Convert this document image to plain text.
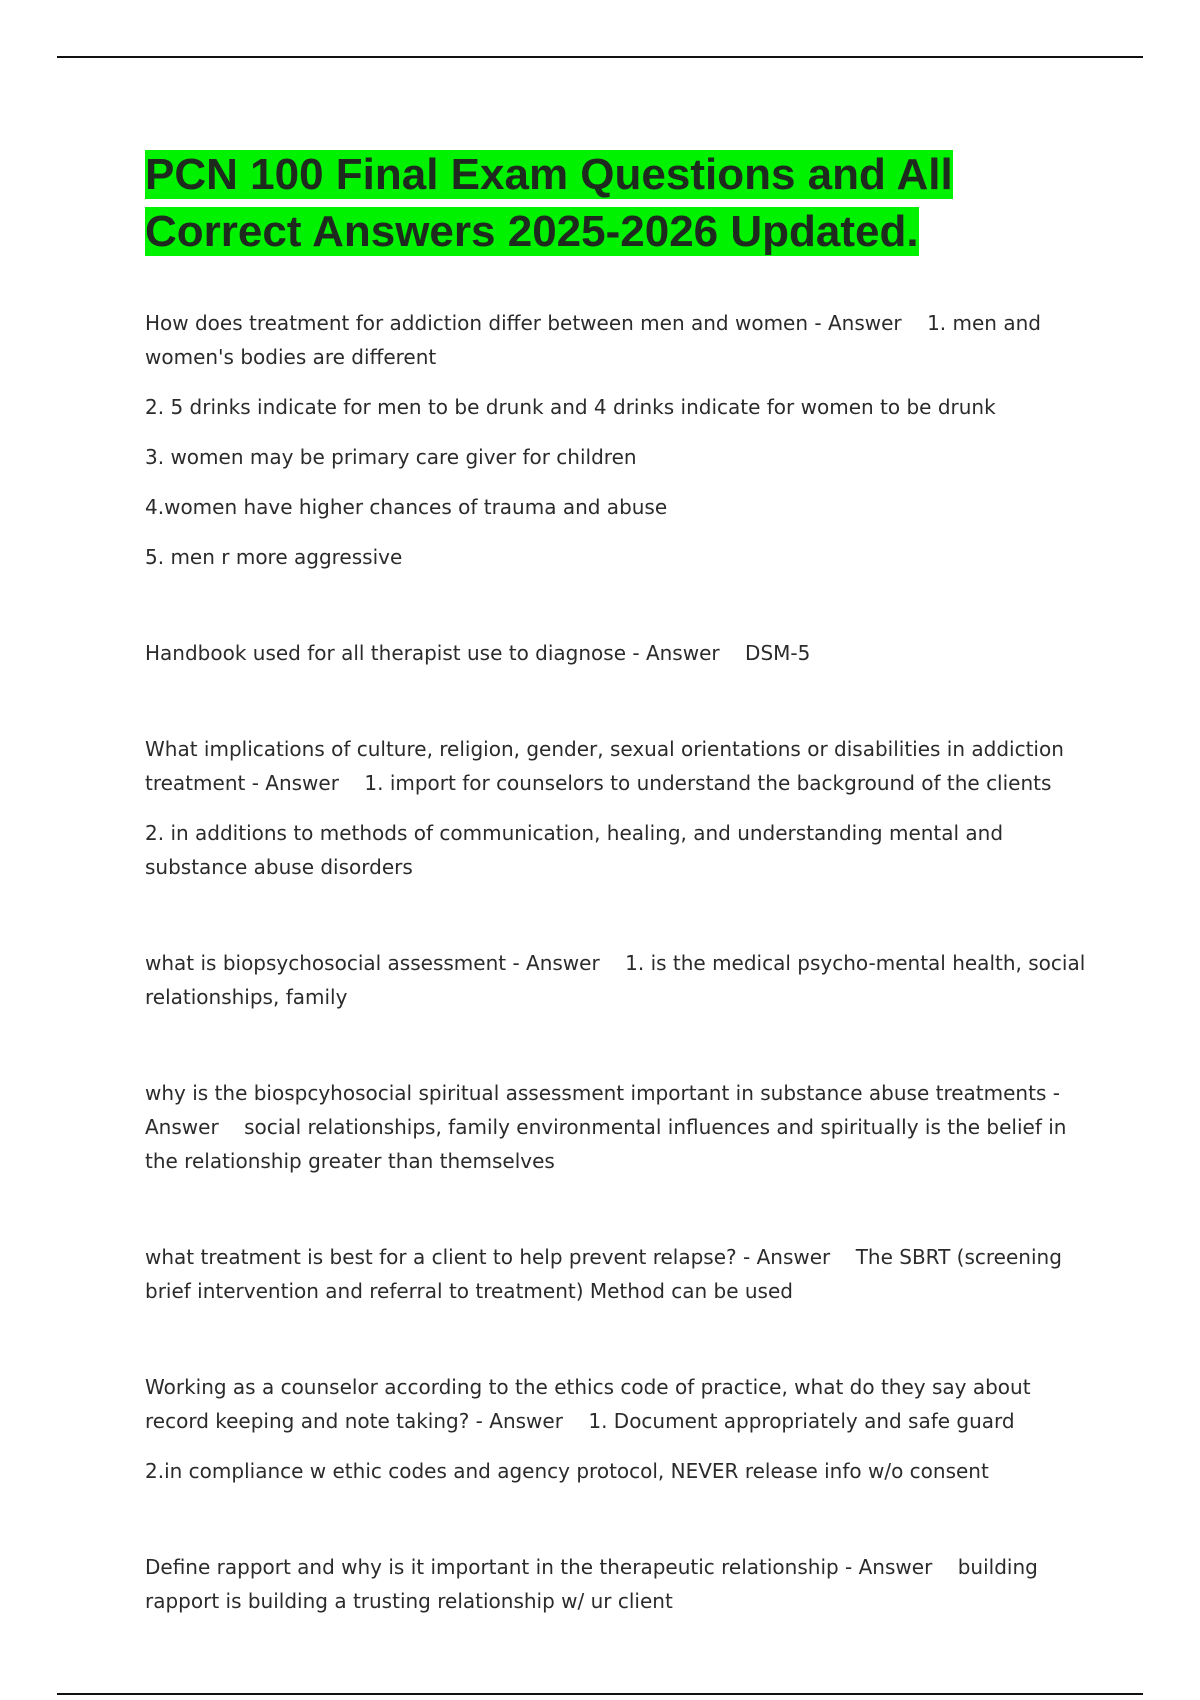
PCN 100 Final Exam Questions and All Correct Answers 2025-2026 Updated.

How does treatment for addiction differ between men and women - Answer 1. men and women's bodies are different

2. 5 drinks indicate for men to be drunk and 4 drinks indicate for women to be drunk

3. women may be primary care giver for children

4.women have higher chances of trauma and abuse

5. men r more aggressive

Handbook used for all therapist use to diagnose - Answer DSM-5

What implications of culture, religion, gender, sexual orientations or disabilities in addiction treatment - Answer 1. import for counselors to understand the background of the clients

2. in additions to methods of communication, healing, and understanding mental and substance abuse disorders

what is biopsychosocial assessment - Answer 1. is the medical psycho-mental health, social relationships, family

why is the biospcyhosocial spiritual assessment important in substance abuse treatments - Answer social relationships, family environmental influences and spiritually is the belief in the relationship greater than themselves

what treatment is best for a client to help prevent relapse? - Answer The SBRT (screening brief intervention and referral to treatment) Method can be used

Working as a counselor according to the ethics code of practice, what do they say about record keeping and note taking? - Answer 1. Document appropriately and safe guard

2.in compliance w ethic codes and agency protocol, NEVER release info w/o consent

Define rapport and why is it important in the therapeutic relationship - Answer building rapport is building a trusting relationship w/ ur client
